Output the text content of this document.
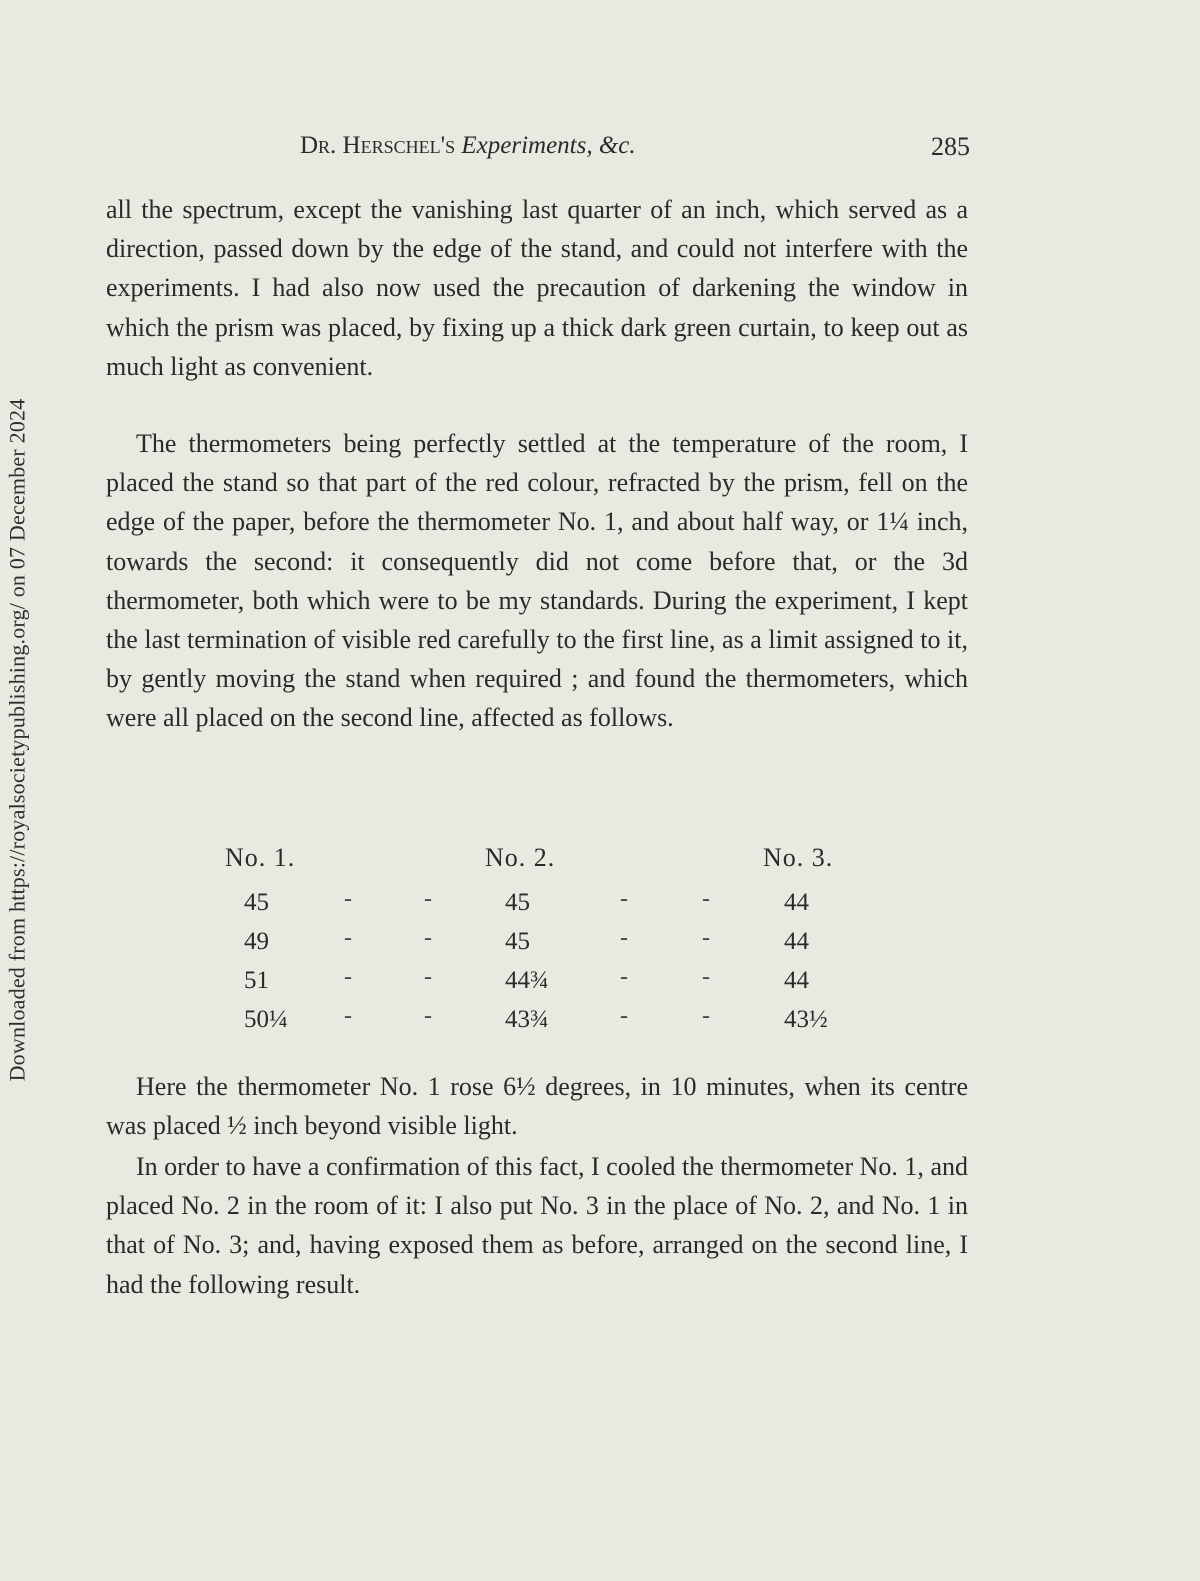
Downloaded from https://royalsocietypublishing.org/ on 07 December 2024
Dr. Herschel's Experiments, &c.	285

all the spectrum, except the vanishing last quarter of an inch, which served as a direction, passed down by the edge of the stand, and could not interfere with the experiments. I had also now used the precaution of darkening the window in which the prism was placed, by fixing up a thick dark green curtain, to keep out as much light as convenient.

The thermometers being perfectly settled at the temperature of the room, I placed the stand so that part of the red colour, refracted by the prism, fell on the edge of the paper, before the thermometer No. 1, and about half way, or 1¼ inch, towards the second: it consequently did not come before that, or the 3d thermometer, both which were to be my standards. During the experiment, I kept the last termination of visible red carefully to the first line, as a limit assigned to it, by gently moving the stand when required ; and found the thermometers, which were all placed on the second line, affected as follows.

No. 1.	No. 2.	No. 3.
45	-	-	45	-	-	44
49	-	-	45	-	-	44
51	-	-	44¾	-	-	44
50¼ -	-	43¾	-	-	43½

Here the thermometer No. 1 rose 6½ degrees, in 10 minutes, when its centre was placed ½ inch beyond visible light.

In order to have a confirmation of this fact, I cooled the thermometer No. 1, and placed No. 2 in the room of it: I also put No. 3 in the place of No. 2, and No. 1 in that of No. 3; and, having exposed them as before, arranged on the second line, I had the following result.
